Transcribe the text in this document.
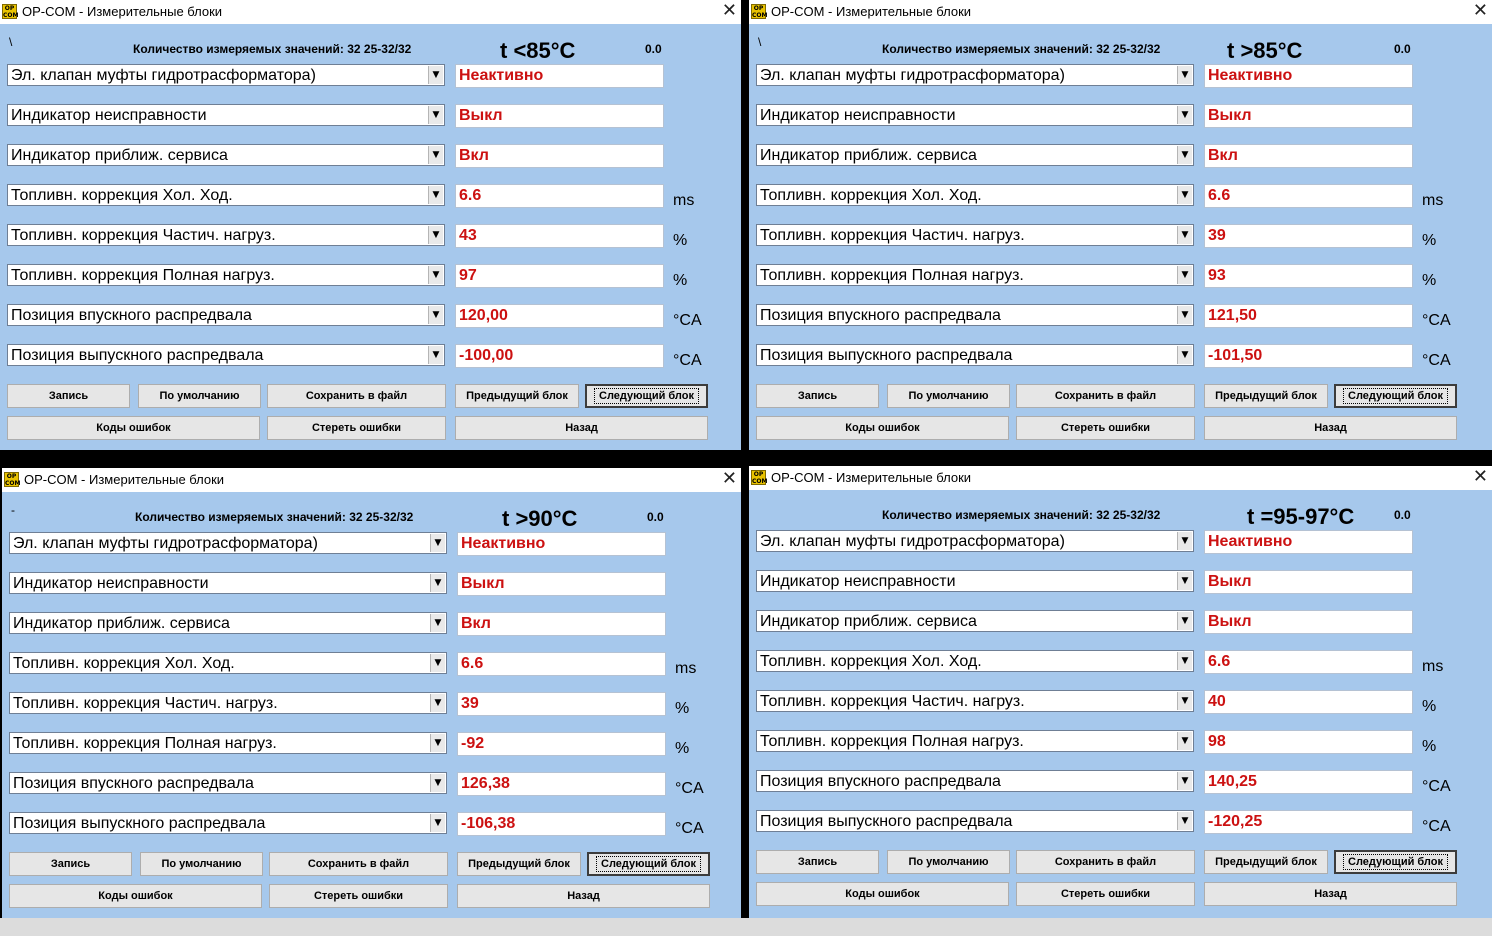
OP COM OP-COM - Измерительные блоки	✕
\	Количество измеряемых значений: 32 25-32/32	t <85°C	0.0
Эл. клапан муфты гидротрасформатора)	▼ Неактивно
Индикатор неисправности	▼ Выкл
Индикатор приближ. сервиса	▼ Вкл
Топливн. коррекция Хол. Ход.	▼ 6.6	ms
Топливн. коррекция Частич. нагруз.	▼ 43	%
Топливн. коррекция Полная нагруз.	▼ 97	%
Позиция впускного распредвала	▼ 120,00	°CA
Позиция выпускного распредвала	▼ -100,00	°CA
Запись	По умолчанию	Сохранить в файл	Предыдущий блок	Следующий блок
Коды ошибок	Стереть ошибки	Назад
OP COM OP-COM - Измерительные блоки	✕
\	Количество измеряемых значений: 32 25-32/32	t >85°C	0.0
Эл. клапан муфты гидротрасформатора)	▼ Неактивно
Индикатор неисправности	▼ Выкл
Индикатор приближ. сервиса	▼ Вкл
Топливн. коррекция Хол. Ход.	▼ 6.6	ms
Топливн. коррекция Частич. нагруз.	▼ 39	%
Топливн. коррекция Полная нагруз.	▼ 93	%
Позиция впускного распредвала	▼ 121,50	°CA
Позиция выпускного распредвала	▼ -101,50	°CA
Запись	По умолчанию	Сохранить в файл	Предыдущий блок	Следующий блок
Коды ошибок	Стереть ошибки	Назад
OP COM OP-COM - Измерительные блоки	✕
-	Количество измеряемых значений: 32 25-32/32	t >90°C	0.0
Эл. клапан муфты гидротрасформатора)	▼ Неактивно
Индикатор неисправности	▼ Выкл
Индикатор приближ. сервиса	▼ Вкл
Топливн. коррекция Хол. Ход.	▼ 6.6	ms
Топливн. коррекция Частич. нагруз.	▼ 39	%
Топливн. коррекция Полная нагруз.	▼ -92	%
Позиция впускного распредвала	▼ 126,38	°CA
Позиция выпускного распредвала	▼ -106,38	°CA
Запись	По умолчанию	Сохранить в файл	Предыдущий блок	Следующий блок
Коды ошибок	Стереть ошибки	Назад
OP COM OP-COM - Измерительные блоки	✕
Количество измеряемых значений: 32 25-32/32	t =95-97°C	0.0
Эл. клапан муфты гидротрасформатора)	▼ Неактивно
Индикатор неисправности	▼ Выкл
Индикатор приближ. сервиса	▼ Выкл
Топливн. коррекция Хол. Ход.	▼ 6.6	ms
Топливн. коррекция Частич. нагруз.	▼ 40	%
Топливн. коррекция Полная нагруз.	▼ 98	%
Позиция впускного распредвала	▼ 140,25	°CA
Позиция выпускного распредвала	▼ -120,25	°CA
Запись	По умолчанию	Сохранить в файл	Предыдущий блок	Следующий блок
Коды ошибок	Стереть ошибки	Назад
